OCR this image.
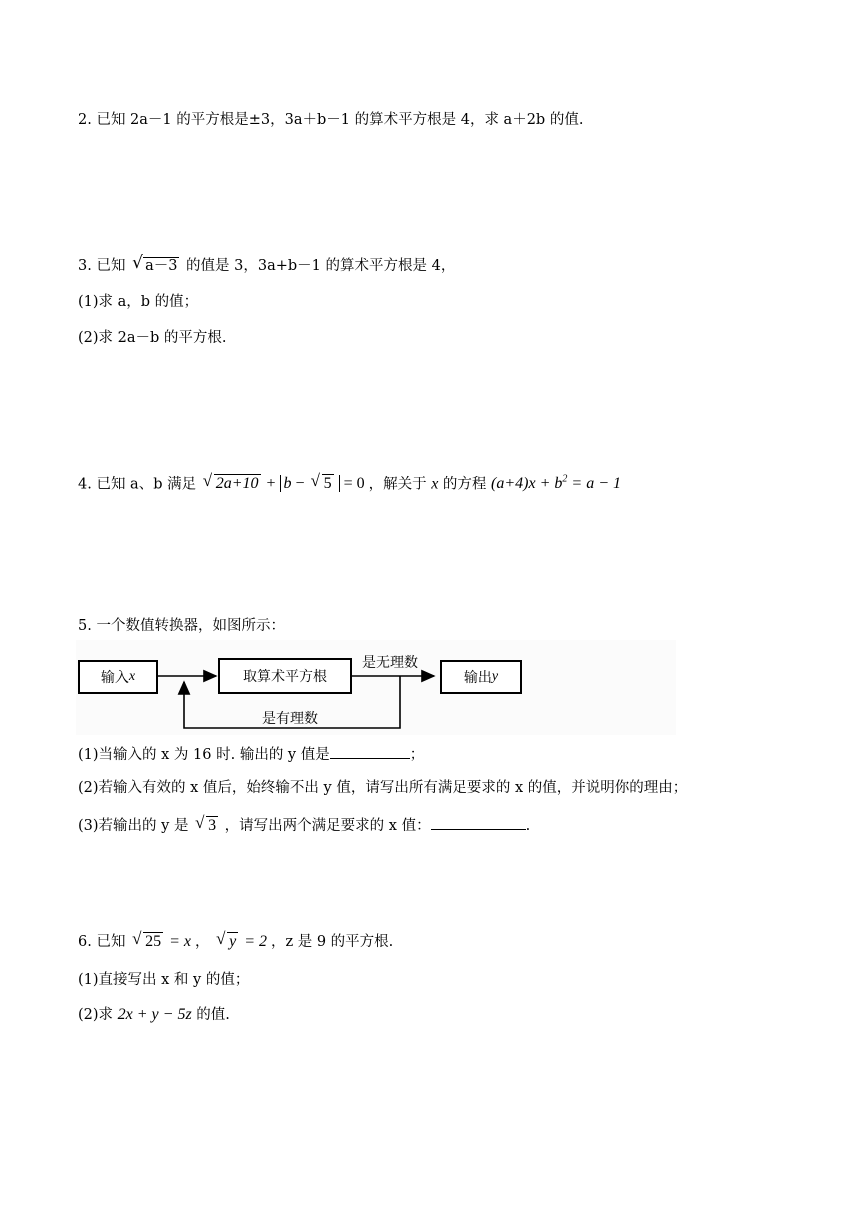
2. 已知 2a－1 的平方根是±3，3a＋b－1 的算术平方根是 4，求 a＋2b 的值.
3. 已知 √ a－3 的值是 3，3a+b－1 的算术平方根是 4，
(1)求 a，b 的值；
(2)求 2a－b 的平方根.
4. 已知 a、b 满足 √ 2a+10 + b − √ 5 = 0 ，解关于 x 的方程 $(a+4)x + b^2 = a - 1$
5. 一个数值转换器，如图所示：
输入 x	取算术平方根	输出 y
是无理数
是有理数
(1)当输入的 x 为 16 时. 输出的 y 值是	；
(2)若输入有效的 x 值后，始终输不出 y 值，请写出所有满足要求的 x 的值，并说明你的理由；
(3)若输出的 y 是 √ 3 ，请写出两个满足要求的 x 值：	.
6. 已知 √ 25 = x ， √ y = 2 ，z 是 9 的平方根.
(1)直接写出 x 和 y 的值；
(2)求 2x + y − 5z 的值.
